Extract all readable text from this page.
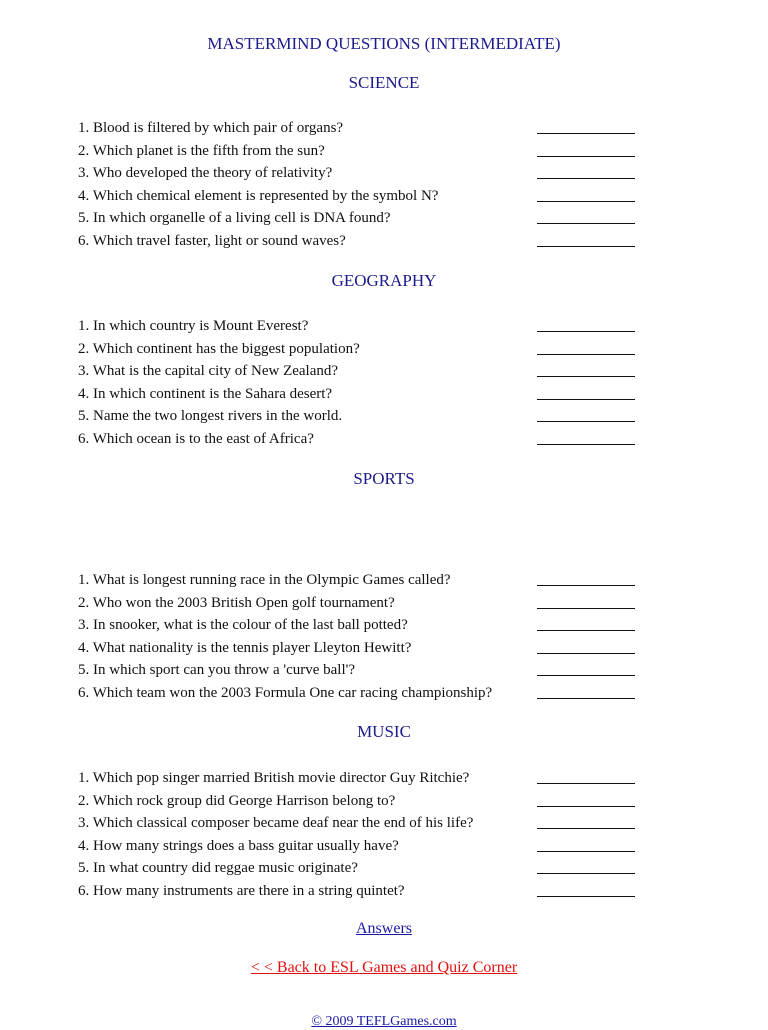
MASTERMIND QUESTIONS (INTERMEDIATE)
SCIENCE
1. Blood is filtered by which pair of organs?
2. Which planet is the fifth from the sun?
3. Who developed the theory of relativity?
4. Which chemical element is represented by the symbol N?
5. In which organelle of a living cell is DNA found?
6. Which travel faster, light or sound waves?
GEOGRAPHY
1. In which country is Mount Everest?
2. Which continent has the biggest population?
3. What is the capital city of New Zealand?
4. In which continent is the Sahara desert?
5. Name the two longest rivers in the world.
6. Which ocean is to the east of Africa?
SPORTS
1. What is longest running race in the Olympic Games called?
2. Who won the 2003 British Open golf tournament?
3. In snooker, what is the colour of the last ball potted?
4. What nationality is the tennis player Lleyton Hewitt?
5. In which sport can you throw a 'curve ball'?
6. Which team won the 2003 Formula One car racing championship?
MUSIC
1. Which pop singer married British movie director Guy Ritchie?
2. Which rock group did George Harrison belong to?
3. Which classical composer became deaf near the end of his life?
4. How many strings does a bass guitar usually have?
5. In what country did reggae music originate?
6. How many instruments are there in a string quintet?
Answers
< < Back to ESL Games and Quiz Corner
© 2009 TEFLGames.com
